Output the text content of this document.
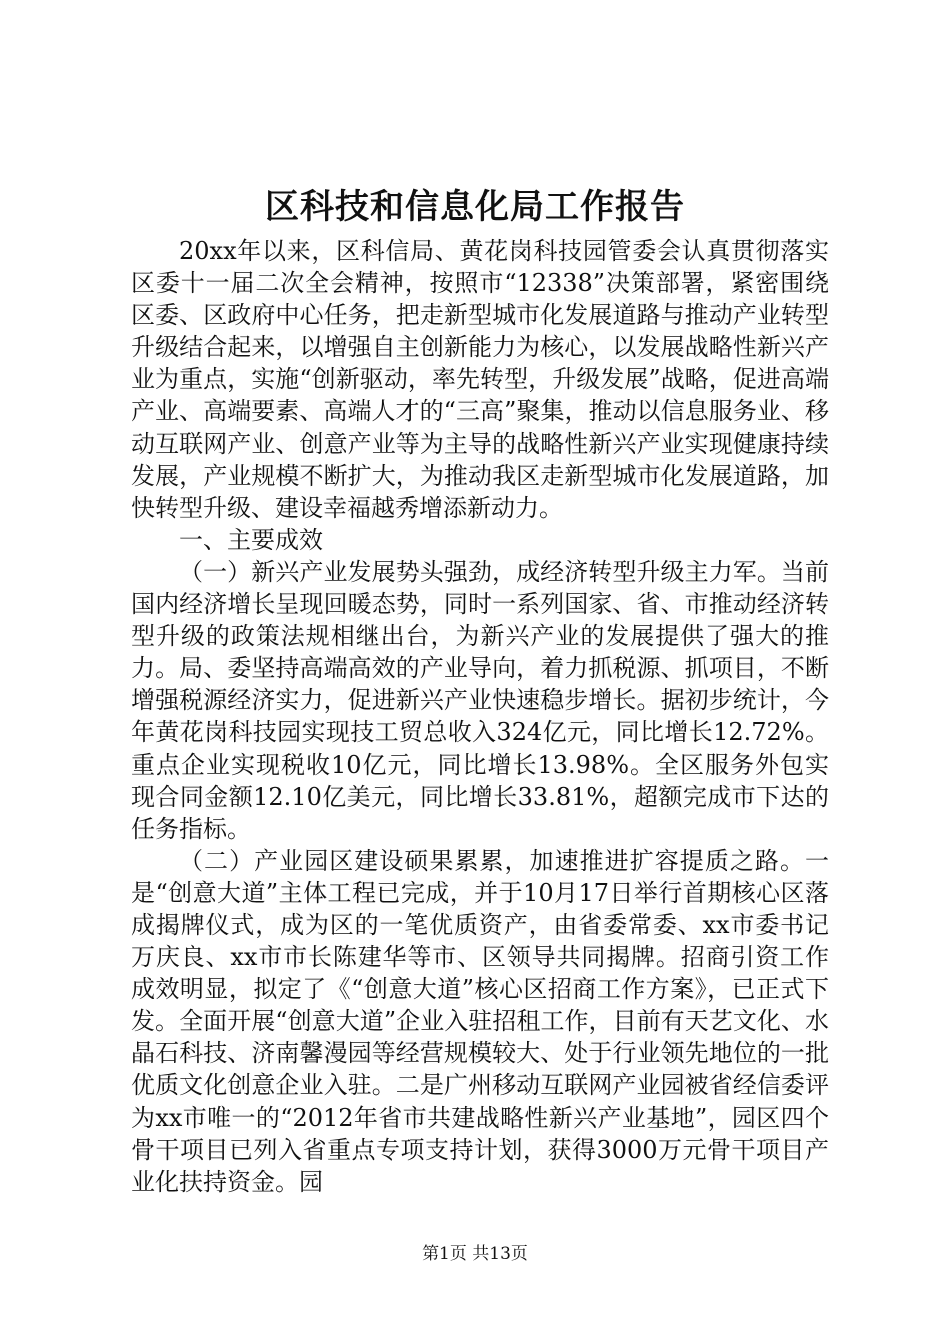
区科技和信息化局工作报告

20xx年以来，区科信局、黄花岗科技园管委会认真贯彻落实区委十一届二次全会精神，按照市“12338”决策部署，紧密围绕区委、区政府中心任务，把走新型城市化发展道路与推动产业转型升级结合起来，以增强自主创新能力为核心，以发展战略性新兴产业为重点，实施“创新驱动，率先转型，升级发展”战略，促进高端产业、高端要素、高端人才的“三高”聚集，推动以信息服务业、移动互联网产业、创意产业等为主导的战略性新兴产业实现健康持续发展，产业规模不断扩大，为推动我区走新型城市化发展道路，加快转型升级、建设幸福越秀增添新动力。

一、主要成效

（一）新兴产业发展势头强劲，成经济转型升级主力军。当前国内经济增长呈现回暖态势，同时一系列国家、省、市推动经济转型升级的政策法规相继出台，为新兴产业的发展提供了强大的推力。局、委坚持高端高效的产业导向，着力抓税源、抓项目，不断增强税源经济实力，促进新兴产业快速稳步增长。据初步统计，今年黄花岗科技园实现技工贸总收入324亿元，同比增长12.72%。重点企业实现税收10亿元，同比增长13.98%。全区服务外包实现合同金额12.10亿美元，同比增长33.81%，超额完成市下达的任务指标。

（二）产业园区建设硕果累累，加速推进扩容提质之路。一是“创意大道”主体工程已完成，并于10月17日举行首期核心区落成揭牌仪式，成为区的一笔优质资产，由省委常委、xx市委书记万庆良、xx市市长陈建华等市、区领导共同揭牌。招商引资工作成效明显，拟定了《“创意大道”核心区招商工作方案》，已正式下发。全面开展“创意大道”企业入驻招租工作，目前有天艺文化、水晶石科技、济南馨漫园等经营规模较大、处于行业领先地位的一批优质文化创意企业入驻。二是广州移动互联网产业园被省经信委评为xx市唯一的“2012年省市共建战略性新兴产业基地”，园区四个骨干项目已列入省重点专项支持计划，获得3000万元骨干项目产业化扶持资金。园

第1页 共13页
